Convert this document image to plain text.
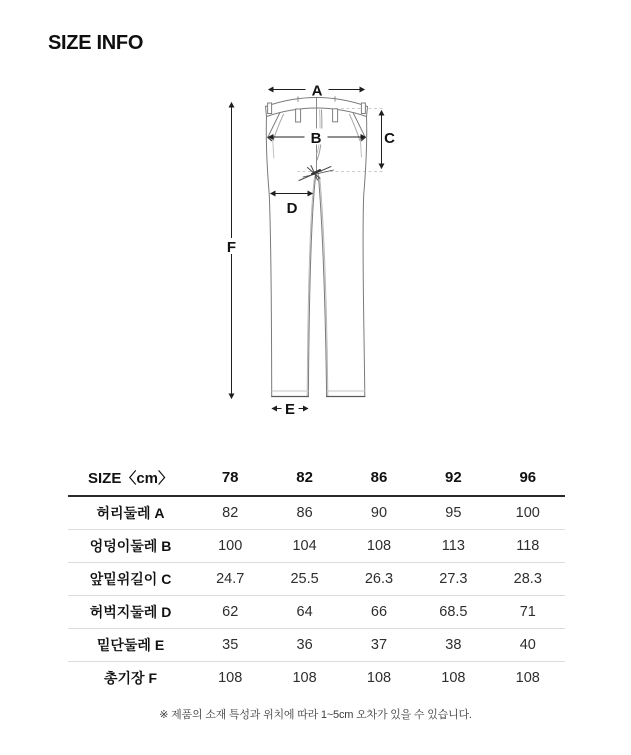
SIZE INFO
A
B	C
D
E
F
SIZE〈cm〉	78	82	86	92	96
허리둘레 A	82	86	90	95	100
엉덩이둘레 B	100	104	108	113	118
앞밑위길이 C	24.7	25.5	26.3	27.3	28.3
허벅지둘레 D	62	64	66	68.5	71
밑단둘레 E	35	36	37	38	40
총기장 F	108	108	108	108	108

※ 제품의 소재 특성과 위치에 따라 1~5cm 오차가 있을 수 있습니다.
